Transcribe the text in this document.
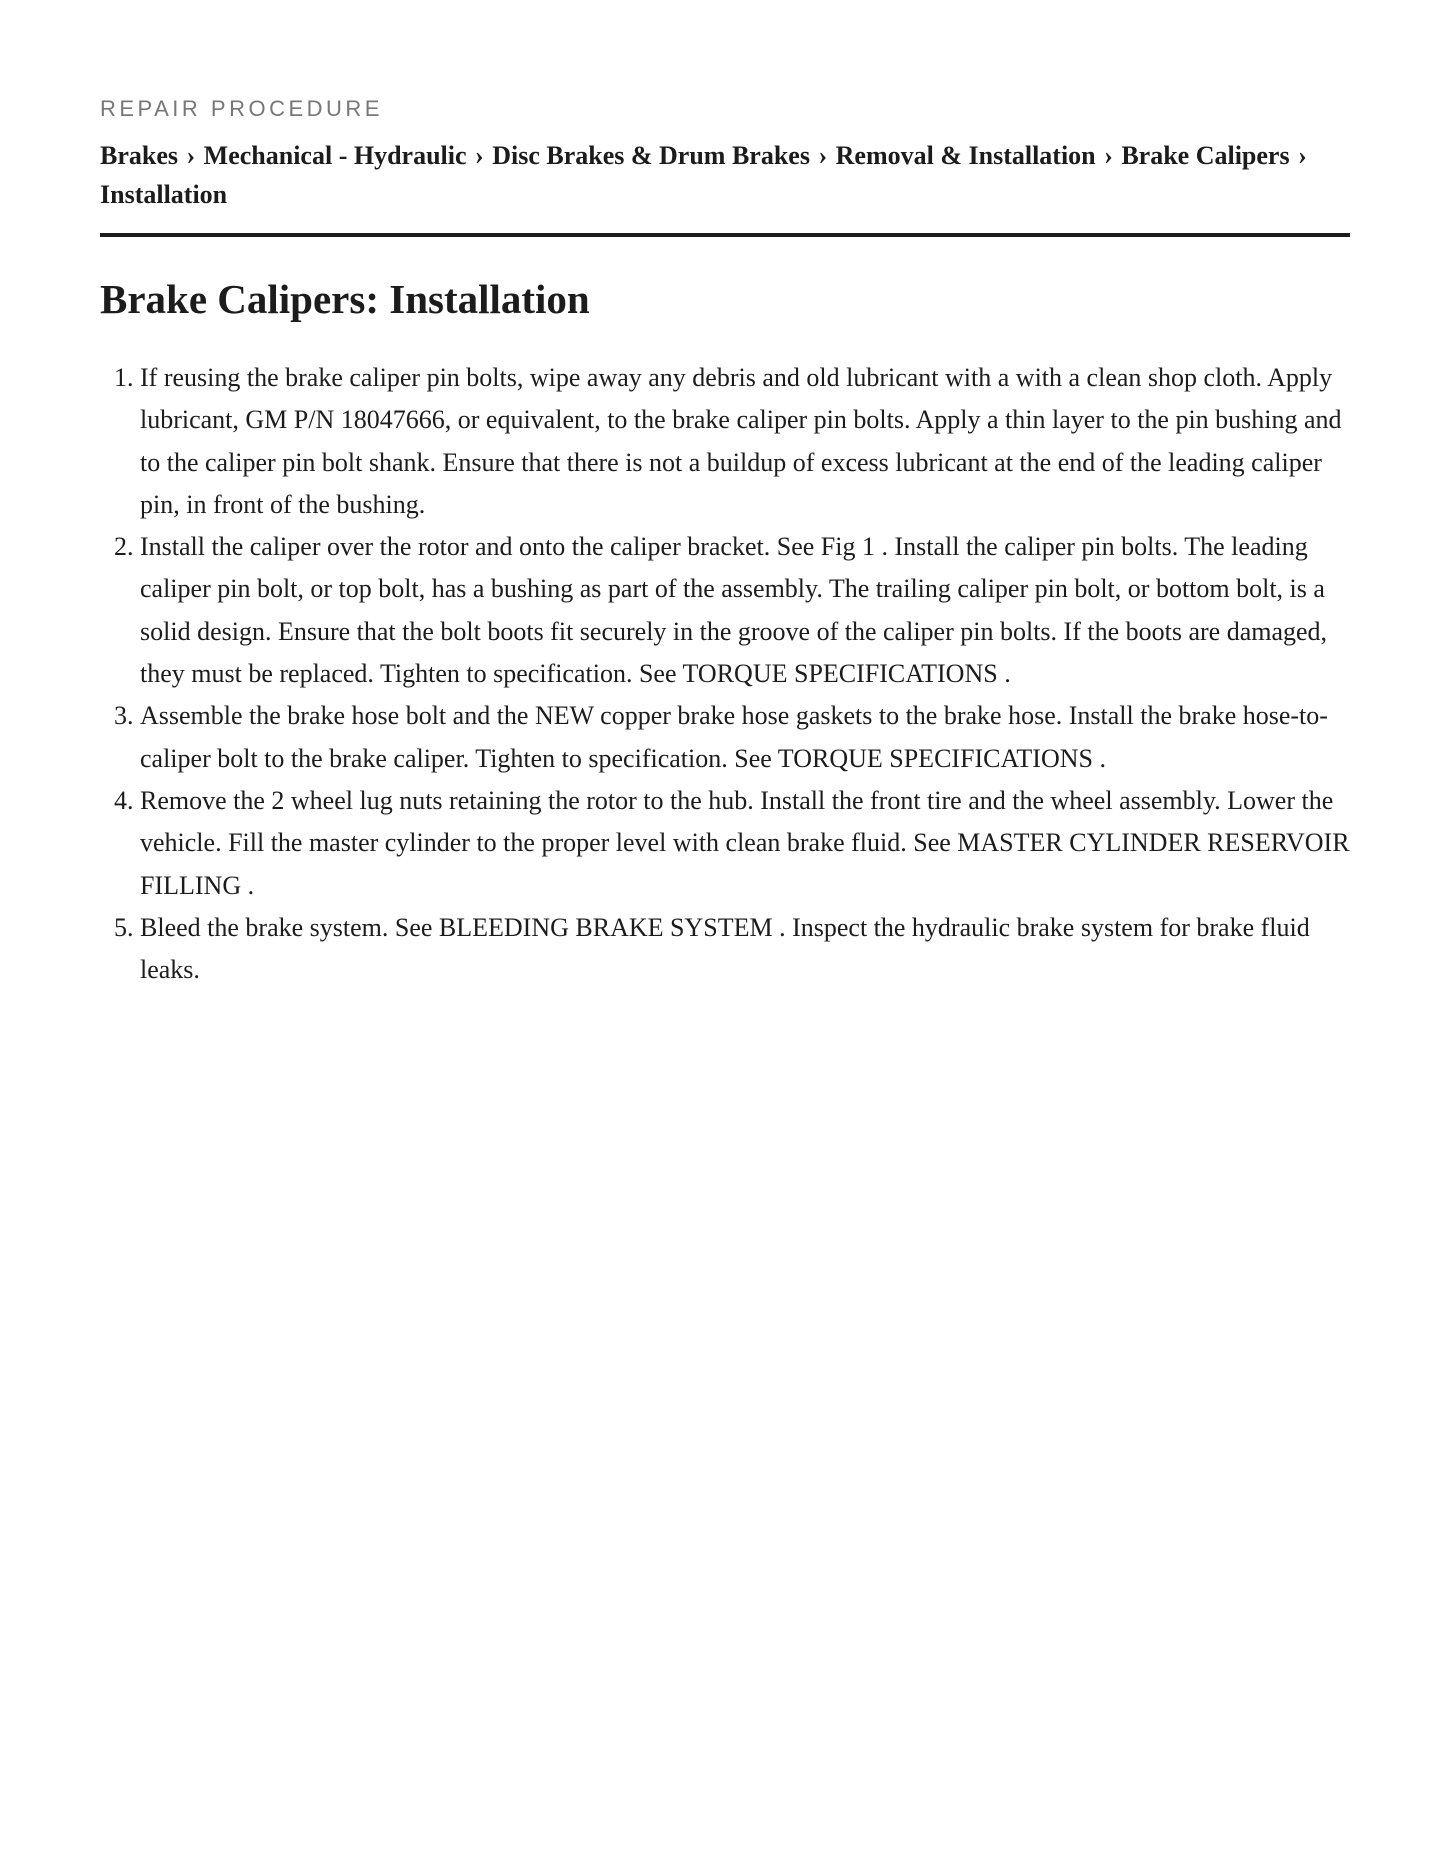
REPAIR PROCEDURE
Brakes › Mechanical - Hydraulic › Disc Brakes & Drum Brakes › Removal & Installation › Brake Calipers › Installation
Brake Calipers: Installation
1. If reusing the brake caliper pin bolts, wipe away any debris and old lubricant with a with a clean shop cloth. Apply lubricant, GM P/N 18047666, or equivalent, to the brake caliper pin bolts. Apply a thin layer to the pin bushing and to the caliper pin bolt shank. Ensure that there is not a buildup of excess lubricant at the end of the leading caliper pin, in front of the bushing.
2. Install the caliper over the rotor and onto the caliper bracket. See Fig 1 . Install the caliper pin bolts. The leading caliper pin bolt, or top bolt, has a bushing as part of the assembly. The trailing caliper pin bolt, or bottom bolt, is a solid design. Ensure that the bolt boots fit securely in the groove of the caliper pin bolts. If the boots are damaged, they must be replaced. Tighten to specification. See TORQUE SPECIFICATIONS .
3. Assemble the brake hose bolt and the NEW copper brake hose gaskets to the brake hose. Install the brake hose-to-caliper bolt to the brake caliper. Tighten to specification. See TORQUE SPECIFICATIONS .
4. Remove the 2 wheel lug nuts retaining the rotor to the hub. Install the front tire and the wheel assembly. Lower the vehicle. Fill the master cylinder to the proper level with clean brake fluid. See MASTER CYLINDER RESERVOIR FILLING .
5. Bleed the brake system. See BLEEDING BRAKE SYSTEM . Inspect the hydraulic brake system for brake fluid leaks.
